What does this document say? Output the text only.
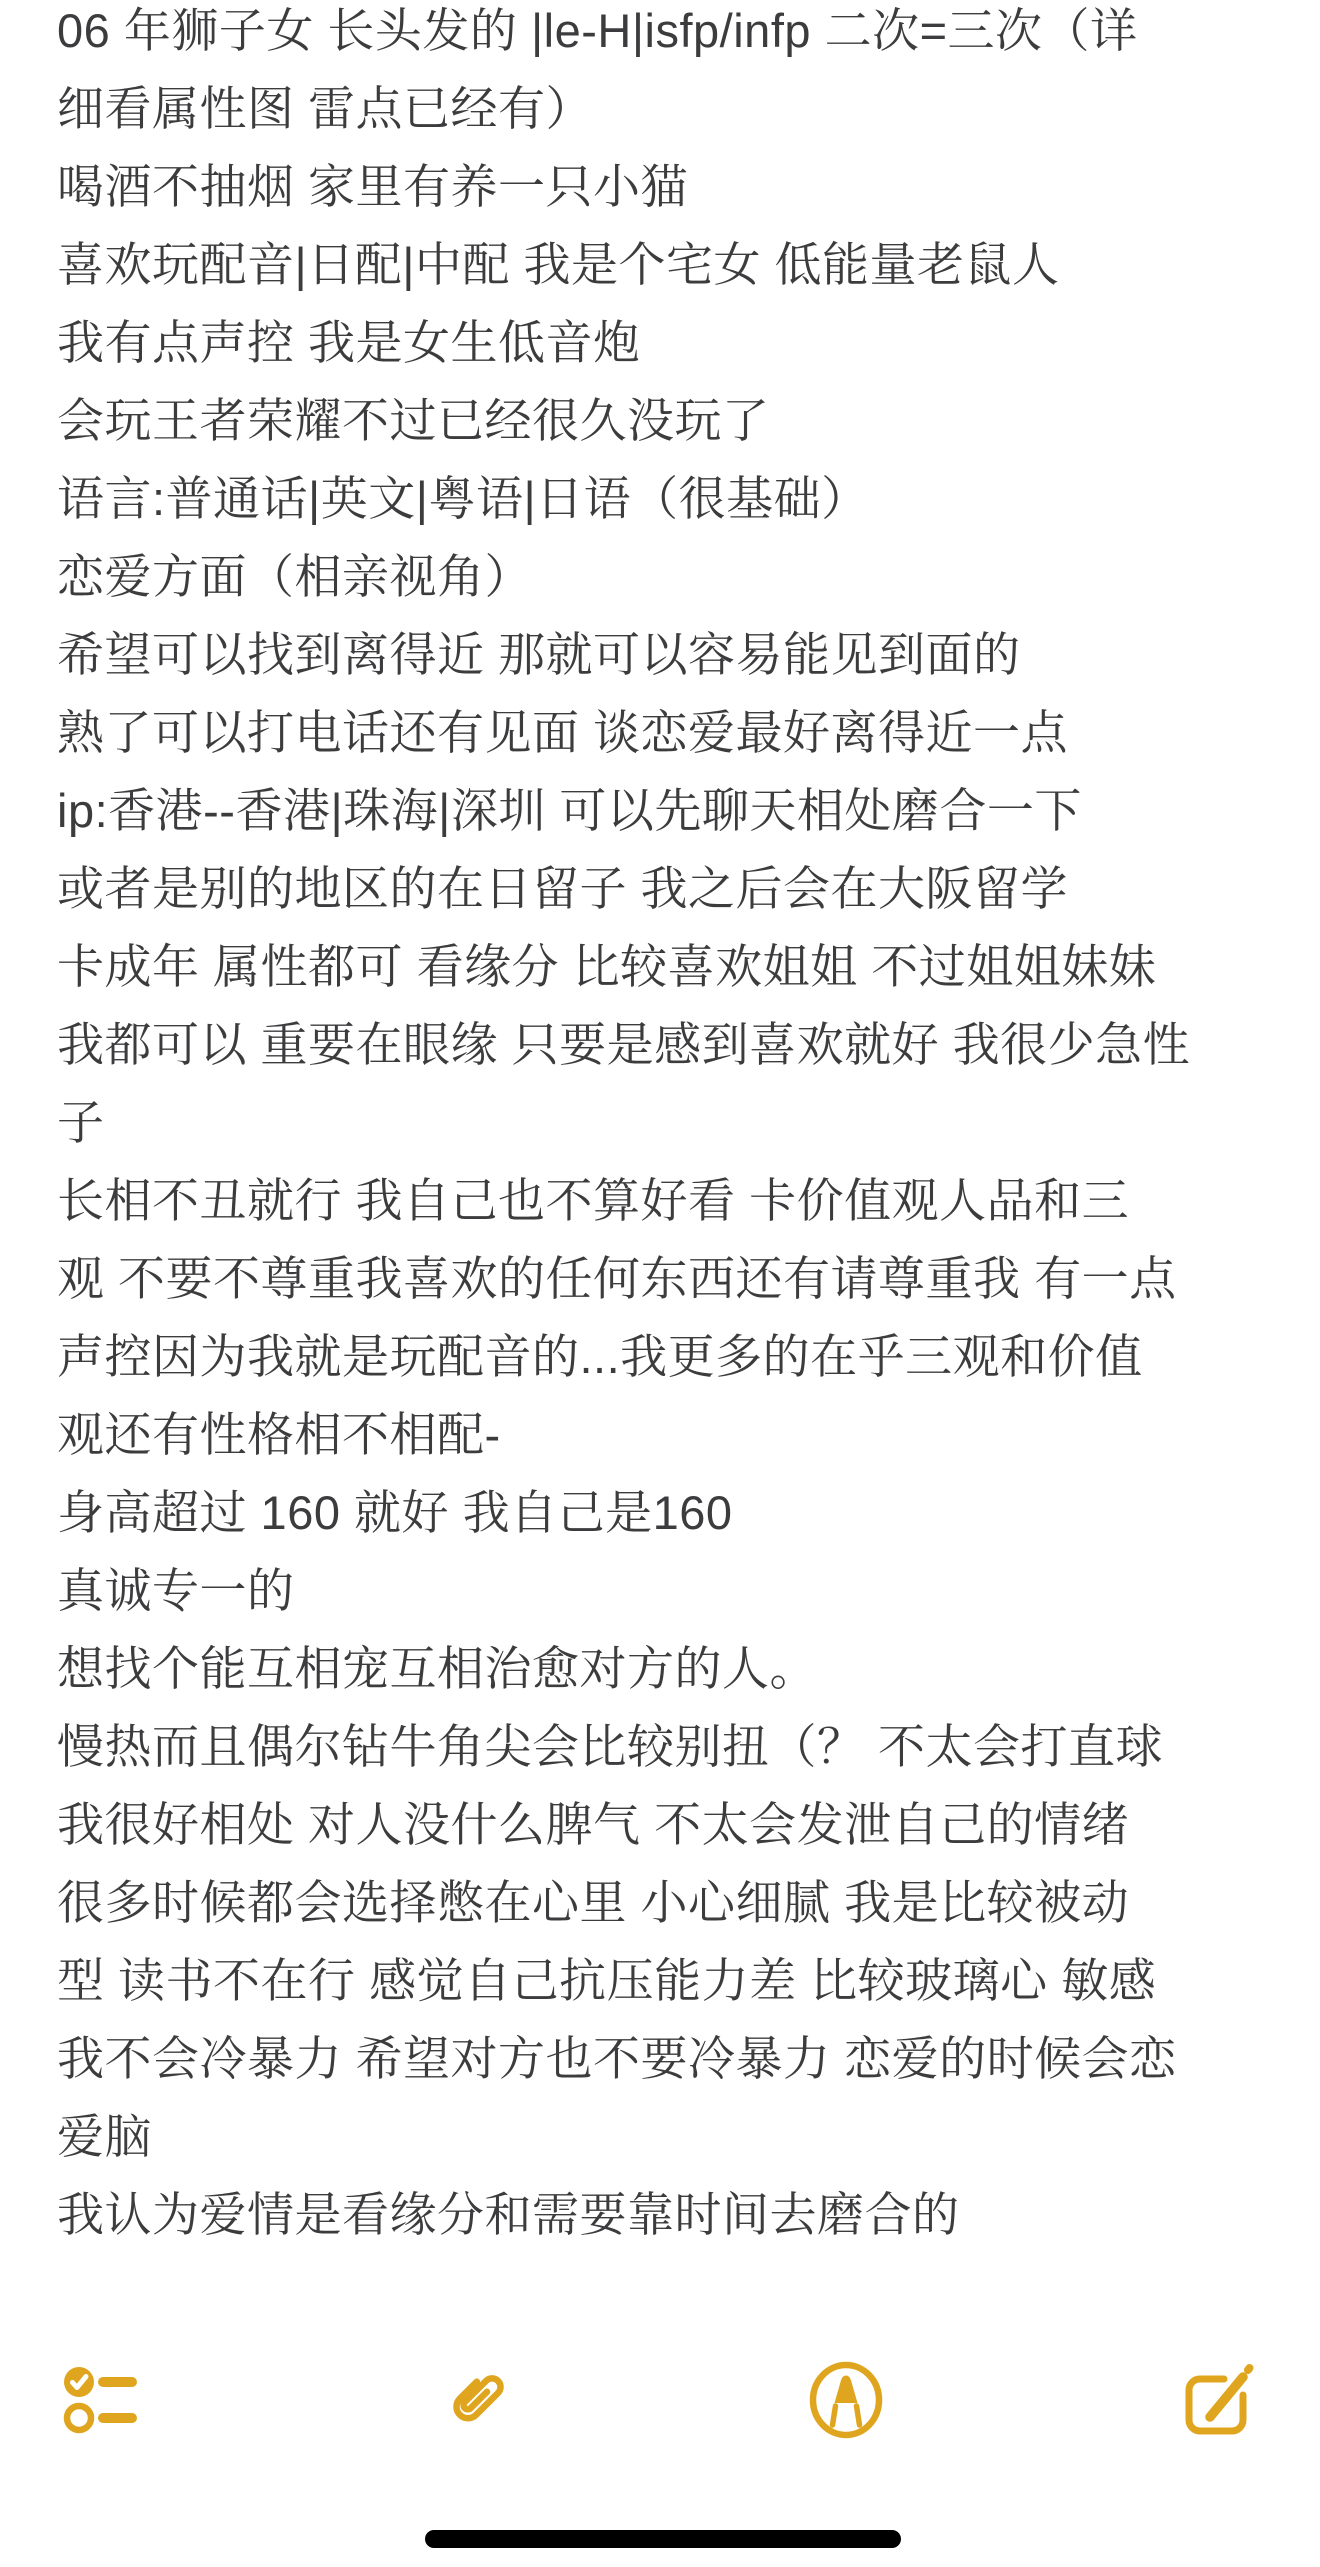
06 年狮子女 长头发的 |le-H|isfp/infp 二次=三次（详
细看属性图 雷点已经有）
喝酒不抽烟 家里有养一只小猫
喜欢玩配音|日配|中配 我是个宅女 低能量老鼠人
我有点声控 我是女生低音炮
会玩王者荣耀不过已经很久没玩了
语言:普通话|英文|粤语|日语（很基础）
恋爱方面（相亲视角）
希望可以找到离得近 那就可以容易能见到面的
熟了可以打电话还有见面 谈恋爱最好离得近一点
ip:香港--香港|珠海|深圳 可以先聊天相处磨合一下
或者是别的地区的在日留子 我之后会在大阪留学
卡成年 属性都可 看缘分 比较喜欢姐姐 不过姐姐妹妹
我都可以 重要在眼缘 只要是感到喜欢就好 我很少急性
子
长相不丑就行 我自己也不算好看 卡价值观人品和三
观 不要不尊重我喜欢的任何东西还有请尊重我 有一点
声控因为我就是玩配音的...我更多的在乎三观和价值
观还有性格相不相配-
身高超过 160 就好 我自己是160
真诚专一的
想找个能互相宠互相治愈对方的人。
慢热而且偶尔钻牛角尖会比较别扭（？ 不太会打直球
我很好相处 对人没什么脾气 不太会发泄自己的情绪
很多时候都会选择憋在心里 小心细腻 我是比较被动
型 读书不在行 感觉自己抗压能力差 比较玻璃心 敏感
我不会冷暴力 希望对方也不要冷暴力 恋爱的时候会恋
爱脑
我认为爱情是看缘分和需要靠时间去磨合的
